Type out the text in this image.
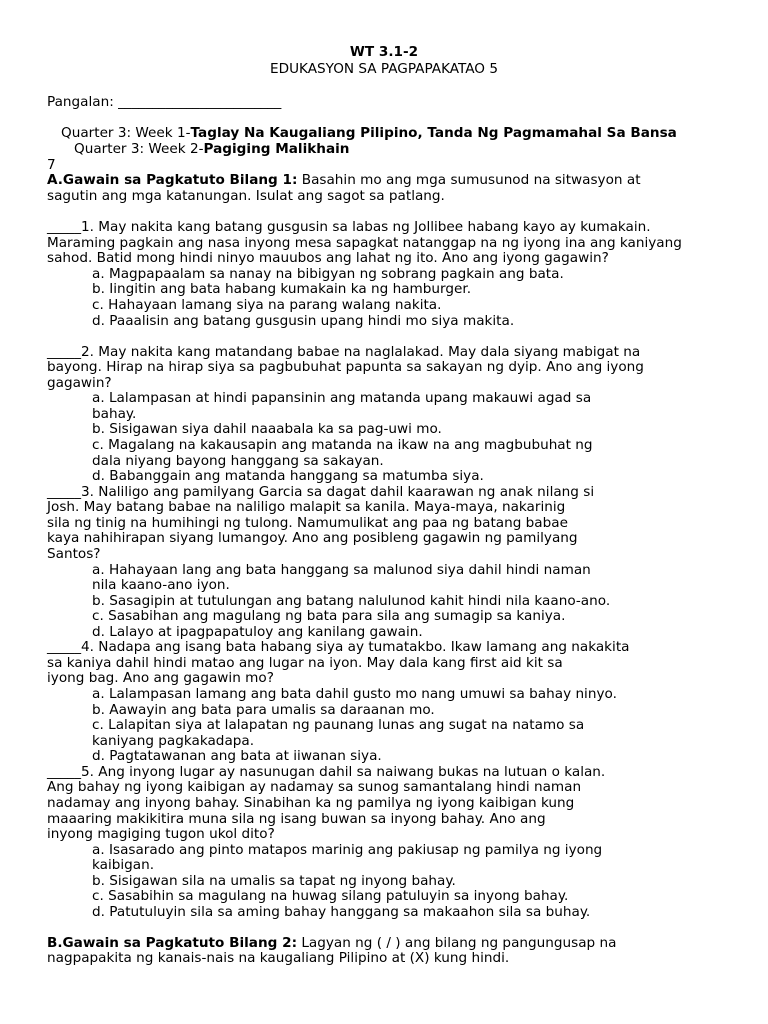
WT 3.1-2
EDUKASYON SA PAGPAPAKATAO 5
Pangalan: ________________________
Quarter 3: Week 1-Taglay Na Kaugaliang Pilipino, Tanda Ng Pagmamahal Sa Bansa
Quarter 3: Week 2-Pagiging Malikhain
7
A.Gawain sa Pagkatuto Bilang 1: Basahin mo ang mga sumusunod na sitwasyon at
sagutin ang mga katanungan. Isulat ang sagot sa patlang.
_____1. May nakita kang batang gusgusin sa labas ng Jollibee habang kayo ay kumakain.
Maraming pagkain ang nasa inyong mesa sapagkat natanggap na ng iyong ina ang kaniyang
sahod. Batid mong hindi ninyo mauubos ang lahat ng ito. Ano ang iyong gagawin?
a. Magpapaalam sa nanay na bibigyan ng sobrang pagkain ang bata.
b. Iingitin ang bata habang kumakain ka ng hamburger.
c. Hahayaan lamang siya na parang walang nakita.
d. Paaalisin ang batang gusgusin upang hindi mo siya makita.
_____2. May nakita kang matandang babae na naglalakad. May dala siyang mabigat na
bayong. Hirap na hirap siya sa pagbubuhat papunta sa sakayan ng dyip. Ano ang iyong
gagawin?
a. Lalampasan at hindi papansinin ang matanda upang makauwi agad sa
bahay.
b. Sisigawan siya dahil naaabala ka sa pag-uwi mo.
c. Magalang na kakausapin ang matanda na ikaw na ang magbubuhat ng
dala niyang bayong hanggang sa sakayan.
d. Babanggain ang matanda hanggang sa matumba siya.
_____3. Naliligo ang pamilyang Garcia sa dagat dahil kaarawan ng anak nilang si
Josh. May batang babae na naliligo malapit sa kanila. Maya-maya, nakarinig
sila ng tinig na humihingi ng tulong. Namumulikat ang paa ng batang babae
kaya nahihirapan siyang lumangoy. Ano ang posibleng gagawin ng pamilyang
Santos?
a. Hahayaan lang ang bata hanggang sa malunod siya dahil hindi naman
nila kaano-ano iyon.
b. Sasagipin at tutulungan ang batang nalulunod kahit hindi nila kaano-ano.
c. Sasabihan ang magulang ng bata para sila ang sumagip sa kaniya.
d. Lalayo at ipagpapatuloy ang kanilang gawain.
_____4. Nadapa ang isang bata habang siya ay tumatakbo. Ikaw lamang ang nakakita
sa kaniya dahil hindi matao ang lugar na iyon. May dala kang first aid kit sa
iyong bag. Ano ang gagawin mo?
a. Lalampasan lamang ang bata dahil gusto mo nang umuwi sa bahay ninyo.
b. Aawayin ang bata para umalis sa daraanan mo.
c. Lalapitan siya at lalapatan ng paunang lunas ang sugat na natamo sa
kaniyang pagkakadapa.
d. Pagtatawanan ang bata at iiwanan siya.
_____5. Ang inyong lugar ay nasunugan dahil sa naiwang bukas na lutuan o kalan.
Ang bahay ng iyong kaibigan ay nadamay sa sunog samantalang hindi naman
nadamay ang inyong bahay. Sinabihan ka ng pamilya ng iyong kaibigan kung
maaaring makikitira muna sila ng isang buwan sa inyong bahay. Ano ang
inyong magiging tugon ukol dito?
a. Isasarado ang pinto matapos marinig ang pakiusap ng pamilya ng iyong
kaibigan.
b. Sisigawan sila na umalis sa tapat ng inyong bahay.
c. Sasabihin sa magulang na huwag silang patuluyin sa inyong bahay.
d. Patutuluyin sila sa aming bahay hanggang sa makaahon sila sa buhay.
B.Gawain sa Pagkatuto Bilang 2: Lagyan ng ( / ) ang bilang ng pangungusap na
nagpapakita ng kanais-nais na kaugaliang Pilipino at (X) kung hindi.
